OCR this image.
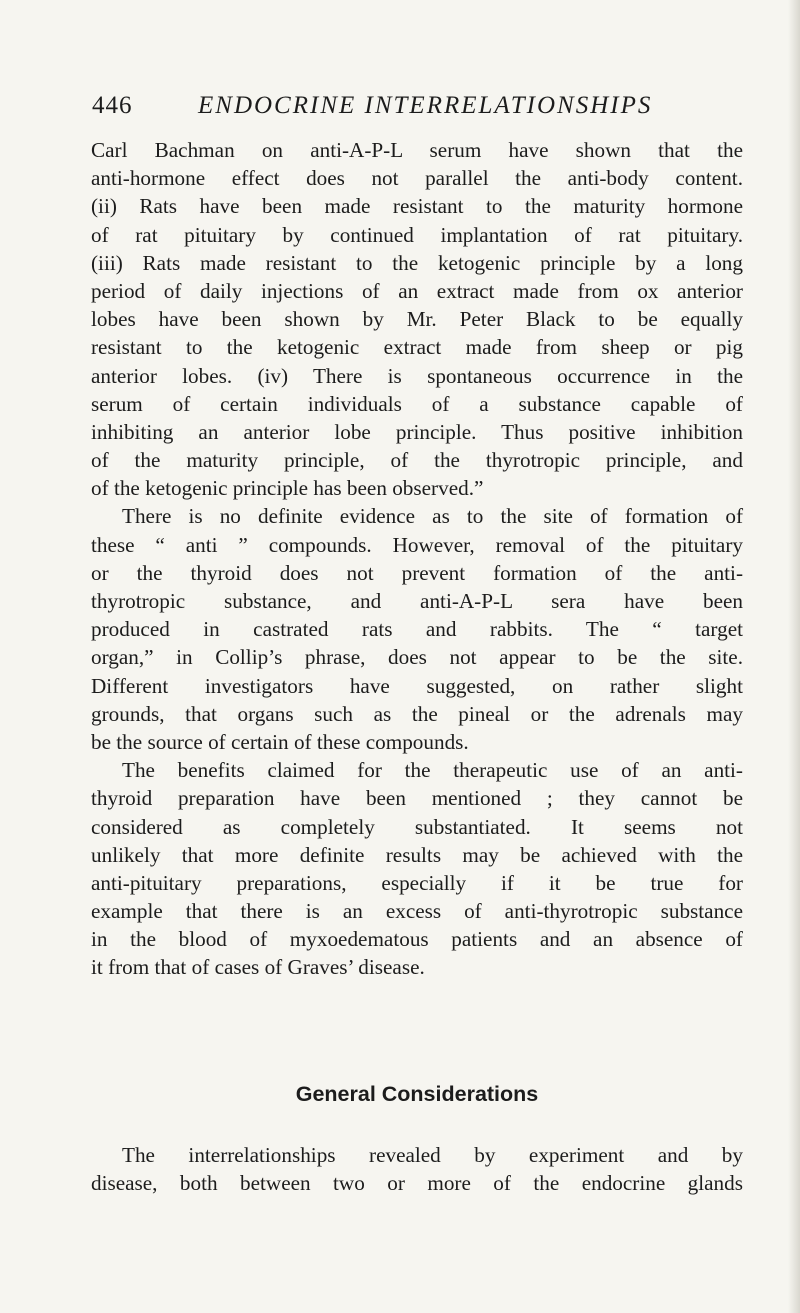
446	ENDOCRINE INTERRELATIONSHIPS
Carl Bachman on anti-A-P-L serum have shown that the
anti-hormone effect does not parallel the anti-body content.
(ii) Rats have been made resistant to the maturity hormone
of rat pituitary by continued implantation of rat pituitary.
(iii) Rats made resistant to the ketogenic principle by a long
period of daily injections of an extract made from ox anterior
lobes have been shown by Mr. Peter Black to be equally
resistant to the ketogenic extract made from sheep or pig
anterior lobes. (iv) There is spontaneous occurrence in the
serum of certain individuals of a substance capable of
inhibiting an anterior lobe principle. Thus positive inhibition
of the maturity principle, of the thyrotropic principle, and
of the ketogenic principle has been observed.”
There is no definite evidence as to the site of formation of
these “ anti ” compounds. However, removal of the pituitary
or the thyroid does not prevent formation of the anti-
thyrotropic substance, and anti-A-P-L sera have been
produced in castrated rats and rabbits. The “ target
organ,” in Collip’s phrase, does not appear to be the site.
Different investigators have suggested, on rather slight
grounds, that organs such as the pineal or the adrenals may
be the source of certain of these compounds.
The benefits claimed for the therapeutic use of an anti-
thyroid preparation have been mentioned ; they cannot be
considered as completely substantiated. It seems not
unlikely that more definite results may be achieved with the
anti-pituitary preparations, especially if it be true for
example that there is an excess of anti-thyrotropic substance
in the blood of myxoedematous patients and an absence of
it from that of cases of Graves’ disease.
General Considerations
The interrelationships revealed by experiment and by
disease, both between two or more of the endocrine glands
